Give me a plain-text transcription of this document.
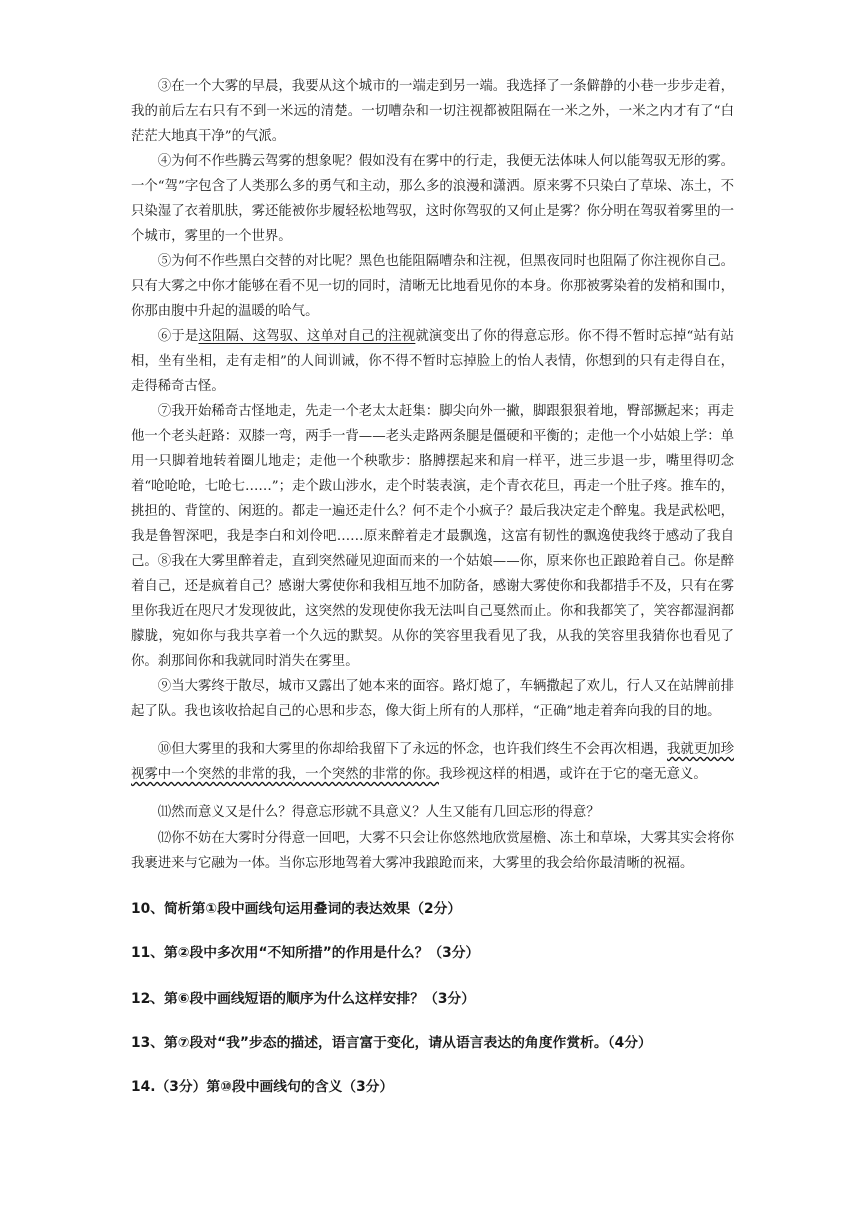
③在一个大雾的早晨，我要从这个城市的一端走到另一端。我选择了一条僻静的小巷一步步走着，我的前后左右只有不到一米远的清楚。一切嘈杂和一切注视都被阻隔在一米之外，一米之内才有了“白茫茫大地真干净”的气派。

④为何不作些腾云驾雾的想象呢？假如没有在雾中的行走，我便无法体味人何以能驾驭无形的雾。一个“驾”字包含了人类那么多的勇气和主动，那么多的浪漫和潇洒。原来雾不只染白了草垛、冻土，不只染湿了衣着肌肤，雾还能被你步履轻松地驾驭，这时你驾驭的又何止是雾？你分明在驾驭着雾里的一个城市，雾里的一个世界。

⑤为何不作些黑白交替的对比呢？黑色也能阻隔嘈杂和注视，但黑夜同时也阻隔了你注视你自己。只有大雾之中你才能够在看不见一切的同时，清晰无比地看见你的本身。你那被雾染着的发梢和围巾，你那由腹中升起的温暖的哈气。

⑥于是这阻隔、这驾驭、这单对自己的注视就演变出了你的得意忘形。你不得不暂时忘掉“站有站相，坐有坐相，走有走相”的人间训诫，你不得不暂时忘掉脸上的怡人表情，你想到的只有走得自在，走得稀奇古怪。

⑦我开始稀奇古怪地走，先走一个老太太赶集：脚尖向外一撇，脚跟狠狠着地，臀部撅起来；再走他一个老头赶路：双膝一弯，两手一背——老头走路两条腿是僵硬和平衡的；走他一个小姑娘上学：单用一只脚着地转着圈儿地走；走他一个秧歌步：胳膊摆起来和肩一样平，进三步退一步，嘴里得叨念着“呛呛呛，七呛七……”；走个跋山涉水，走个时装表演，走个青衣花旦，再走一个肚子疼。推车的，挑担的、背筐的、闲逛的。都走一遍还走什么？何不走个小疯子？最后我决定走个醉鬼。我是武松吧，我是鲁智深吧，我是李白和刘伶吧……原来醉着走才最飘逸，这富有韧性的飘逸使我终于感动了我自己。 ⑧我在大雾里醉着走，直到突然碰见迎面而来的一个姑娘——你，原来你也正踉跄着自己。你是醉着自己，还是疯着自己？感谢大雾使你和我相互地不加防备，感谢大雾使你和我都措手不及，只有在雾里你我近在咫尺才发现彼此，这突然的发现使你我无法叫自己戛然而止。你和我都笑了，笑容都湿润都朦胧，宛如你与我共享着一个久远的默契。从你的笑容里我看见了我，从我的笑容里我猜你也看见了你。刹那间你和我就同时消失在雾里。

⑨当大雾终于散尽，城市又露出了她本来的面容。路灯熄了，车辆撒起了欢儿，行人又在站牌前排起了队。我也该收拾起自己的心思和步态，像大街上所有的人那样，“正确”地走着奔向我的目的地。

⑩但大雾里的我和大雾里的你却给我留下了永远的怀念，也许我们终生不会再次相遇，我就更加珍视雾中一个突然的非常的我，一个突然的非常的你。我珍视这样的相遇，或许在于它的毫无意义。

⑾然而意义又是什么？得意忘形就不具意义？人生又能有几回忘形的得意？

⑿你不妨在大雾时分得意一回吧，大雾不只会让你悠然地欣赏屋檐、冻土和草垛，大雾其实会将你我裹进来与它融为一体。当你忘形地驾着大雾冲我踉跄而来，大雾里的我会给你最清晰的祝福。

10、简析第①段中画线句运用叠词的表达效果（2分）

11、第②段中多次用“不知所措”的作用是什么？（3分）

12、第⑥段中画线短语的顺序为什么这样安排？（3分）

13、第⑦段对“我”步态的描述，语言富于变化，请从语言表达的角度作赏析。（4分）

14.（3分）第⑩段中画线句的含义（3分）
